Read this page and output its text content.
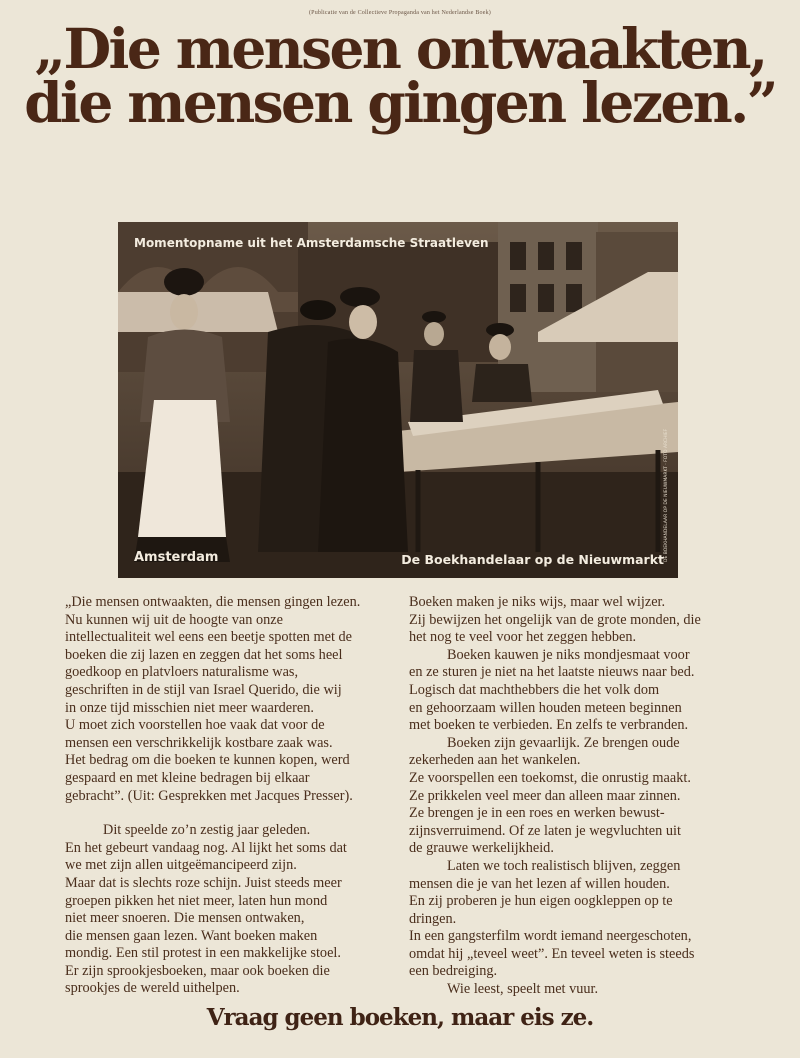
(Publicatie van de Collectieve Propaganda van het Nederlandse Boek)
„Die mensen ontwaakten,
die mensen gingen lezen.”
Momentopname uit het Amsterdamsche Straatleven
Amsterdam	De Boekhandelaar op de Nieuwmarkt DE BOEKHANDELAAR OP DE NIEUWMARKT · FOTO ARCHIEF

„Die mensen ontwaakten, die mensen gingen lezen.

Nu kunnen wij uit de hoogte van onze

intellectualiteit wel eens een beetje spotten met de

boeken die zij lazen en zeggen dat het soms heel

goedkoop en platvloers naturalisme was,

geschriften in de stijl van Israel Querido, die wij

in onze tijd misschien niet meer waarderen.

U moet zich voorstellen hoe vaak dat voor de

mensen een verschrikkelijk kostbare zaak was.

Het bedrag om die boeken te kunnen kopen, werd

gespaard en met kleine bedragen bij elkaar

gebracht”. (Uit: Gesprekken met Jacques Presser).

Dit speelde zo’n zestig jaar geleden.

En het gebeurt vandaag nog. Al lijkt het soms dat

we met zijn allen uitgeëmancipeerd zijn.

Maar dat is slechts roze schijn. Juist steeds meer

groepen pikken het niet meer, laten hun mond

niet meer snoeren. Die mensen ontwaken,

die mensen gaan lezen. Want boeken maken

mondig. Een stil protest in een makkelijke stoel.

Er zijn sprookjesboeken, maar ook boeken die

sprookjes de wereld uithelpen.

Boeken maken je niks wijs, maar wel wijzer.

Zij bewijzen het ongelijk van de grote monden, die

het nog te veel voor het zeggen hebben.

Boeken kauwen je niks mondjesmaat voor

en ze sturen je niet na het laatste nieuws naar bed.

Logisch dat machthebbers die het volk dom

en gehoorzaam willen houden meteen beginnen

met boeken te verbieden. En zelfs te verbranden.

Boeken zijn gevaarlijk. Ze brengen oude

zekerheden aan het wankelen.

Ze voorspellen een toekomst, die onrustig maakt.

Ze prikkelen veel meer dan alleen maar zinnen.

Ze brengen je in een roes en werken bewust-

zijnsverruimend. Of ze laten je wegvluchten uit

de grauwe werkelijkheid.

Laten we toch realistisch blijven, zeggen

mensen die je van het lezen af willen houden.

En zij proberen je hun eigen oogkleppen op te

dringen.

In een gangsterfilm wordt iemand neergeschoten,

omdat hij „teveel weet”. En teveel weten is steeds

een bedreiging.

Wie leest, speelt met vuur.

Vraag geen boeken, maar eis ze.
